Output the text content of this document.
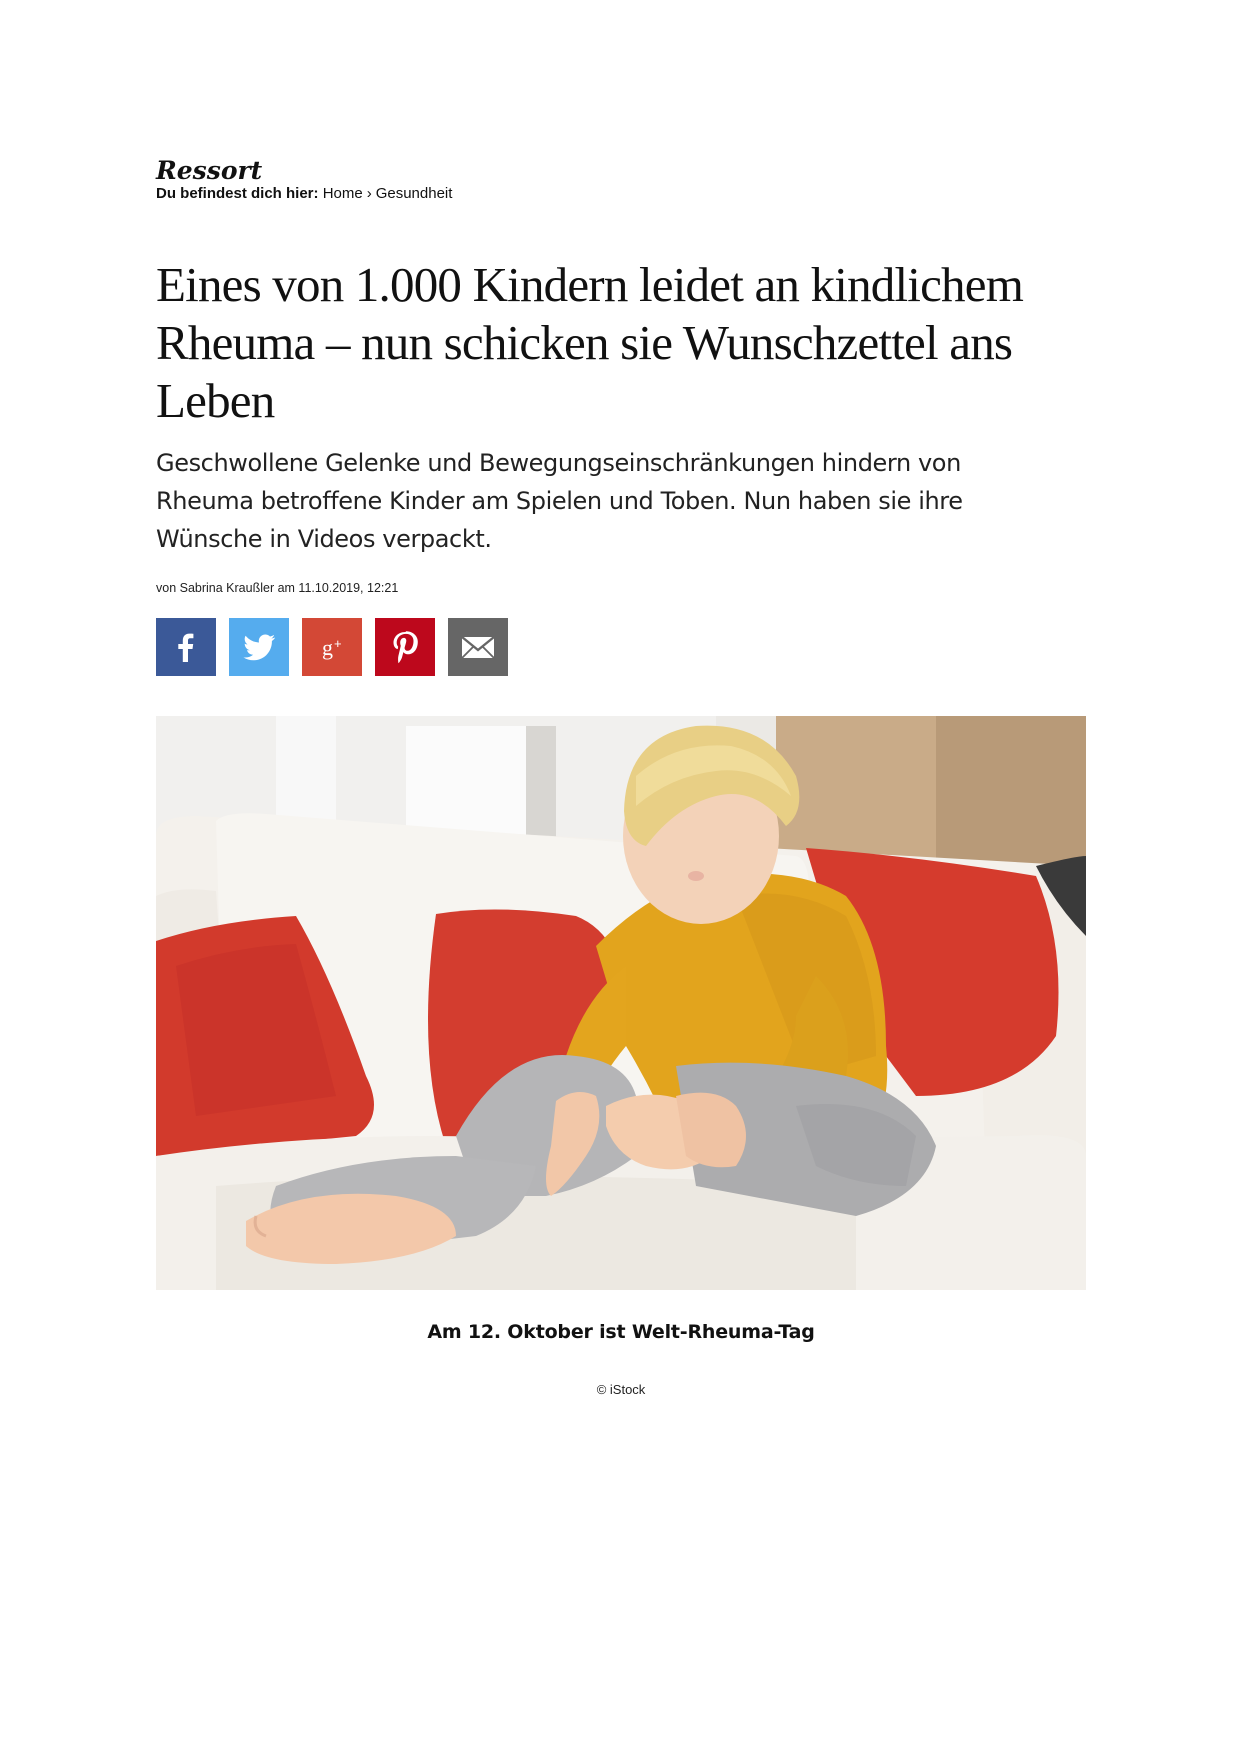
Ressort
Du befindest dich hier: Home › Gesundheit
Eines von 1.000 Kindern leidet an kindlichem Rheuma – nun schicken sie Wunschzettel ans Leben

Geschwollene Gelenke und Bewegungseinschränkungen hindern von Rheuma betroffene Kinder am Spielen und Toben. Nun haben sie ihre Wünsche in Videos verpackt.

von Sabrina Kraußler am 11.10.2019, 12:21
g +
Am 12. Oktober ist Welt-Rheuma-Tag
© iStock
